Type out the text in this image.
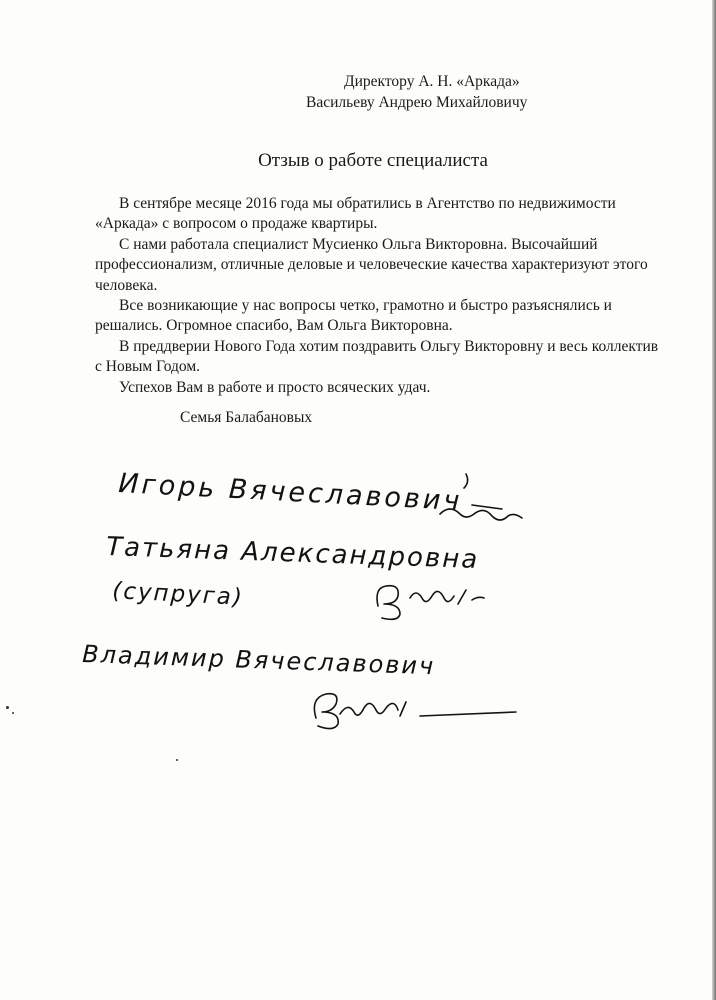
Директору А. Н. «Аркада»
Васильеву Андрею Михайловичу
Отзыв о работе специалиста

В сентябре месяце 2016 года мы обратились в Агентство по недвижимости «Аркада» с вопросом о продаже квартиры.

С нами работала специалист Мусиенко Ольга Викторовна. Высочайший профессионализм, отличные деловые и человеческие качества характеризуют этого человека.

Все возникающие у нас вопросы четко, грамотно и быстро разъяснялись и решались. Огромное спасибо, Вам Ольга Викторовна.

В преддверии Нового Года хотим поздравить Ольгу Викторовну и весь коллектив с Новым Годом.

Успехов Вам в работе и просто всяческих удач.

Семья Балабановых
Игорь Вячеславович
Татьяна Александровна
(супруга)
Владимир Вячеславович
